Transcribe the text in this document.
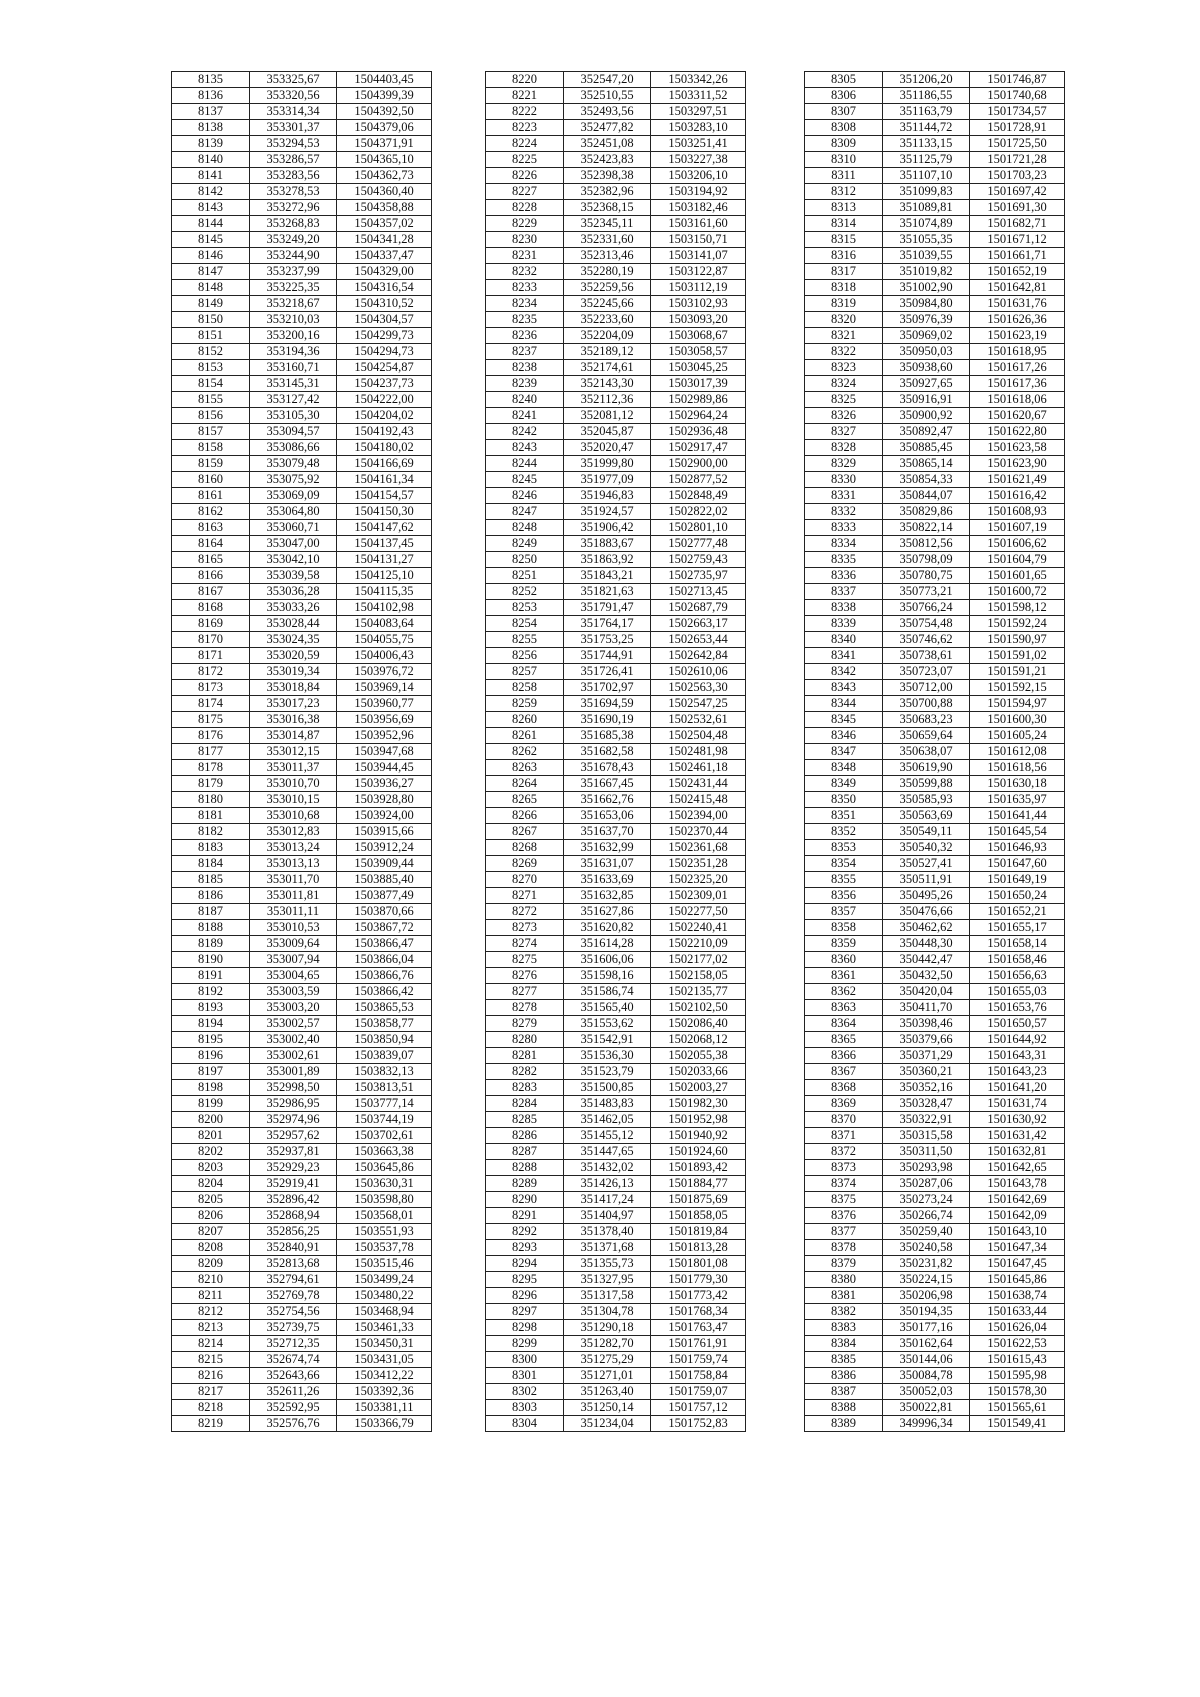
8135	353325,67	1504403,45
8136	353320,56	1504399,39
8137	353314,34	1504392,50
8138	353301,37	1504379,06
8139	353294,53	1504371,91
8140	353286,57	1504365,10
8141	353283,56	1504362,73
8142	353278,53	1504360,40
8143	353272,96	1504358,88
8144	353268,83	1504357,02
8145	353249,20	1504341,28
8146	353244,90	1504337,47
8147	353237,99	1504329,00
8148	353225,35	1504316,54
8149	353218,67	1504310,52
8150	353210,03	1504304,57
8151	353200,16	1504299,73
8152	353194,36	1504294,73
8153	353160,71	1504254,87
8154	353145,31	1504237,73
8155	353127,42	1504222,00
8156	353105,30	1504204,02
8157	353094,57	1504192,43
8158	353086,66	1504180,02
8159	353079,48	1504166,69
8160	353075,92	1504161,34
8161	353069,09	1504154,57
8162	353064,80	1504150,30
8163	353060,71	1504147,62
8164	353047,00	1504137,45
8165	353042,10	1504131,27
8166	353039,58	1504125,10
8167	353036,28	1504115,35
8168	353033,26	1504102,98
8169	353028,44	1504083,64
8170	353024,35	1504055,75
8171	353020,59	1504006,43
8172	353019,34	1503976,72
8173	353018,84	1503969,14
8174	353017,23	1503960,77
8175	353016,38	1503956,69
8176	353014,87	1503952,96
8177	353012,15	1503947,68
8178	353011,37	1503944,45
8179	353010,70	1503936,27
8180	353010,15	1503928,80
8181	353010,68	1503924,00
8182	353012,83	1503915,66
8183	353013,24	1503912,24
8184	353013,13	1503909,44
8185	353011,70	1503885,40
8186	353011,81	1503877,49
8187	353011,11	1503870,66
8188	353010,53	1503867,72
8189	353009,64	1503866,47
8190	353007,94	1503866,04
8191	353004,65	1503866,76
8192	353003,59	1503866,42
8193	353003,20	1503865,53
8194	353002,57	1503858,77
8195	353002,40	1503850,94
8196	353002,61	1503839,07
8197	353001,89	1503832,13
8198	352998,50	1503813,51
8199	352986,95	1503777,14
8200	352974,96	1503744,19
8201	352957,62	1503702,61
8202	352937,81	1503663,38
8203	352929,23	1503645,86
8204	352919,41	1503630,31
8205	352896,42	1503598,80
8206	352868,94	1503568,01
8207	352856,25	1503551,93
8208	352840,91	1503537,78
8209	352813,68	1503515,46
8210	352794,61	1503499,24
8211	352769,78	1503480,22
8212	352754,56	1503468,94
8213	352739,75	1503461,33
8214	352712,35	1503450,31
8215	352674,74	1503431,05
8216	352643,66	1503412,22
8217	352611,26	1503392,36
8218	352592,95	1503381,11
8219	352576,76	1503366,79
8220	352547,20	1503342,26
8221	352510,55	1503311,52
8222	352493,56	1503297,51
8223	352477,82	1503283,10
8224	352451,08	1503251,41
8225	352423,83	1503227,38
8226	352398,38	1503206,10
8227	352382,96	1503194,92
8228	352368,15	1503182,46
8229	352345,11	1503161,60
8230	352331,60	1503150,71
8231	352313,46	1503141,07
8232	352280,19	1503122,87
8233	352259,56	1503112,19
8234	352245,66	1503102,93
8235	352233,60	1503093,20
8236	352204,09	1503068,67
8237	352189,12	1503058,57
8238	352174,61	1503045,25
8239	352143,30	1503017,39
8240	352112,36	1502989,86
8241	352081,12	1502964,24
8242	352045,87	1502936,48
8243	352020,47	1502917,47
8244	351999,80	1502900,00
8245	351977,09	1502877,52
8246	351946,83	1502848,49
8247	351924,57	1502822,02
8248	351906,42	1502801,10
8249	351883,67	1502777,48
8250	351863,92	1502759,43
8251	351843,21	1502735,97
8252	351821,63	1502713,45
8253	351791,47	1502687,79
8254	351764,17	1502663,17
8255	351753,25	1502653,44
8256	351744,91	1502642,84
8257	351726,41	1502610,06
8258	351702,97	1502563,30
8259	351694,59	1502547,25
8260	351690,19	1502532,61
8261	351685,38	1502504,48
8262	351682,58	1502481,98
8263	351678,43	1502461,18
8264	351667,45	1502431,44
8265	351662,76	1502415,48
8266	351653,06	1502394,00
8267	351637,70	1502370,44
8268	351632,99	1502361,68
8269	351631,07	1502351,28
8270	351633,69	1502325,20
8271	351632,85	1502309,01
8272	351627,86	1502277,50
8273	351620,82	1502240,41
8274	351614,28	1502210,09
8275	351606,06	1502177,02
8276	351598,16	1502158,05
8277	351586,74	1502135,77
8278	351565,40	1502102,50
8279	351553,62	1502086,40
8280	351542,91	1502068,12
8281	351536,30	1502055,38
8282	351523,79	1502033,66
8283	351500,85	1502003,27
8284	351483,83	1501982,30
8285	351462,05	1501952,98
8286	351455,12	1501940,92
8287	351447,65	1501924,60
8288	351432,02	1501893,42
8289	351426,13	1501884,77
8290	351417,24	1501875,69
8291	351404,97	1501858,05
8292	351378,40	1501819,84
8293	351371,68	1501813,28
8294	351355,73	1501801,08
8295	351327,95	1501779,30
8296	351317,58	1501773,42
8297	351304,78	1501768,34
8298	351290,18	1501763,47
8299	351282,70	1501761,91
8300	351275,29	1501759,74
8301	351271,01	1501758,84
8302	351263,40	1501759,07
8303	351250,14	1501757,12
8304	351234,04	1501752,83
8305	351206,20	1501746,87
8306	351186,55	1501740,68
8307	351163,79	1501734,57
8308	351144,72	1501728,91
8309	351133,15	1501725,50
8310	351125,79	1501721,28
8311	351107,10	1501703,23
8312	351099,83	1501697,42
8313	351089,81	1501691,30
8314	351074,89	1501682,71
8315	351055,35	1501671,12
8316	351039,55	1501661,71
8317	351019,82	1501652,19
8318	351002,90	1501642,81
8319	350984,80	1501631,76
8320	350976,39	1501626,36
8321	350969,02	1501623,19
8322	350950,03	1501618,95
8323	350938,60	1501617,26
8324	350927,65	1501617,36
8325	350916,91	1501618,06
8326	350900,92	1501620,67
8327	350892,47	1501622,80
8328	350885,45	1501623,58
8329	350865,14	1501623,90
8330	350854,33	1501621,49
8331	350844,07	1501616,42
8332	350829,86	1501608,93
8333	350822,14	1501607,19
8334	350812,56	1501606,62
8335	350798,09	1501604,79
8336	350780,75	1501601,65
8337	350773,21	1501600,72
8338	350766,24	1501598,12
8339	350754,48	1501592,24
8340	350746,62	1501590,97
8341	350738,61	1501591,02
8342	350723,07	1501591,21
8343	350712,00	1501592,15
8344	350700,88	1501594,97
8345	350683,23	1501600,30
8346	350659,64	1501605,24
8347	350638,07	1501612,08
8348	350619,90	1501618,56
8349	350599,88	1501630,18
8350	350585,93	1501635,97
8351	350563,69	1501641,44
8352	350549,11	1501645,54
8353	350540,32	1501646,93
8354	350527,41	1501647,60
8355	350511,91	1501649,19
8356	350495,26	1501650,24
8357	350476,66	1501652,21
8358	350462,62	1501655,17
8359	350448,30	1501658,14
8360	350442,47	1501658,46
8361	350432,50	1501656,63
8362	350420,04	1501655,03
8363	350411,70	1501653,76
8364	350398,46	1501650,57
8365	350379,66	1501644,92
8366	350371,29	1501643,31
8367	350360,21	1501643,23
8368	350352,16	1501641,20
8369	350328,47	1501631,74
8370	350322,91	1501630,92
8371	350315,58	1501631,42
8372	350311,50	1501632,81
8373	350293,98	1501642,65
8374	350287,06	1501643,78
8375	350273,24	1501642,69
8376	350266,74	1501642,09
8377	350259,40	1501643,10
8378	350240,58	1501647,34
8379	350231,82	1501647,45
8380	350224,15	1501645,86
8381	350206,98	1501638,74
8382	350194,35	1501633,44
8383	350177,16	1501626,04
8384	350162,64	1501622,53
8385	350144,06	1501615,43
8386	350084,78	1501595,98
8387	350052,03	1501578,30
8388	350022,81	1501565,61
8389	349996,34	1501549,41
